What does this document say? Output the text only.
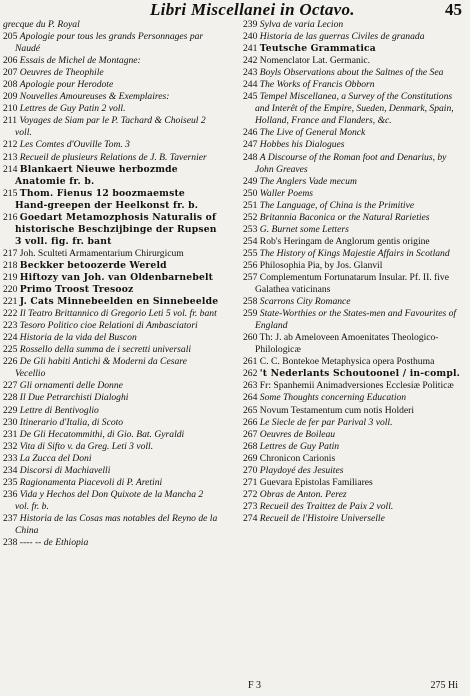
Libri Miscellanei in Octavo.	45

grecque du P. Royal

205 Apologie pour tous les grands Personnages par Naudé

206 Essais de Michel de Montagne:

207 Oeuvres de Theophile

208 Apologie pour Herodote

209 Nouvelles Amoureuses & Exemplaires:

210 Lettres de Guy Patin 2 voll.

211 Voyages de Siam par le P. Tachard & Choiseul 2 voll.

212 Les Comtes d'Ouville Tom. 3

213 Recueil de plusieurs Relations de J. B. Tavernier

214 Blankaert Nieuwe herbozmde Anatomie fr. b.

215 Thom. Fienus 12 boozmaemste Hand-greepen der Heelkonst fr. b.

216 Goedart Metamozphosis Naturalis of historische Beschzijbinge der Rupsen 3 voll. fig. fr. bant

217 Joh. Sculteti Armamentarium Chirurgicum

218 Beckker betoozerde Wereld

219 Hiftozy van Joh. van Oldenbarnebelt

220 Primo Troost Tresooz

221 J. Cats Minnebeelden en Sinnebeelde

222 Il Teatro Brittannico di Gregorio Leti 5 vol. fr. bant

223 Tesoro Politico cioe Relationi di Ambasciatori

224 Historia de la vida del Buscon

225 Rossello della summa de i secretti universali

226 De Gli habiti Antichi & Moderni da Cesare Vecellio

227 Gli ornamenti delle Donne

228 Il Due Petrarchisti Dialoghi

229 Lettre di Bentivoglio

230 Itinerario d'Italia, di Scoto

231 De Gli Hecatommithi, di Gio. Bat. Gyraldi

232 Vita di Sifto v. da Greg. Leti 3 voll.

233 La Zucca del Doni

234 Discorsi di Machiavelli

235 Ragionamenta Piacevoli di P. Aretini

236 Vida y Hechos del Don Quixote de la Mancha 2 vol. fr. b.

237 Historia de las Cosas mas notables del Reyno de la China

238 ---- -- de Ethiopia

239 Sylva de varia Lecion

240 Historia de las guerras Civiles de granada

241 Teutsche Grammatica

242 Nomenclator Lat. Germanic.

243 Boyls Observations about the Saltnes of the Sea

244 The Works of Francis Obborn

245 Tempel Miscellanea, a Survey of the Constitutions and Interêt of the Empire, Sueden, Denmark, Spain, Holland, France and Flanders, &c.

246 The Live of General Monck

247 Hobbes his Dialogues

248 A Discourse of the Roman foot and Denarius, by John Greaves

249 The Anglers Vade mecum

250 Waller Poems

251 The Language, of China is the Primitive

252 Britannia Baconica or the Natural Rarieties

253 G. Burnet some Letters

254 Rob's Heringam de Anglorum gentis origine

255 The History of Kings Majestie Affairs in Scotland

256 Philosophia Pia, by Jos. Glanvil

257 Complementum Fortunatarum Insular. Pf. II. five Galathea vaticinans

258 Scarrons City Romance

259 State-Worthies or the States-men and Favourites of England

260 Th: J. ab Ameloveen Amoenitates Theologico-Philologicæ

261 C. C. Bontekoe Metaphysica opera Posthuma

262 't Nederlants Schoutoonel / in-compl.

263 Fr: Spanhemii Animadversiones Ecclesiæ Politicæ

264 Some Thoughts concerning Education

265 Novum Testamentum cum notis Holderi

266 Le Siecle de fer par Parival 3 voll.

267 Oeuvres de Boileau

268 Lettres de Guy Patin

269 Chronicon Carionis

270 Playdoyé des Jesuites

271 Guevara Epistolas Familiares

272 Obras de Anton. Perez

273 Recueil des Traittez de Paix 2 voll.

274 Recueil de l'Histoire Universelle

F 3	275 Hi
